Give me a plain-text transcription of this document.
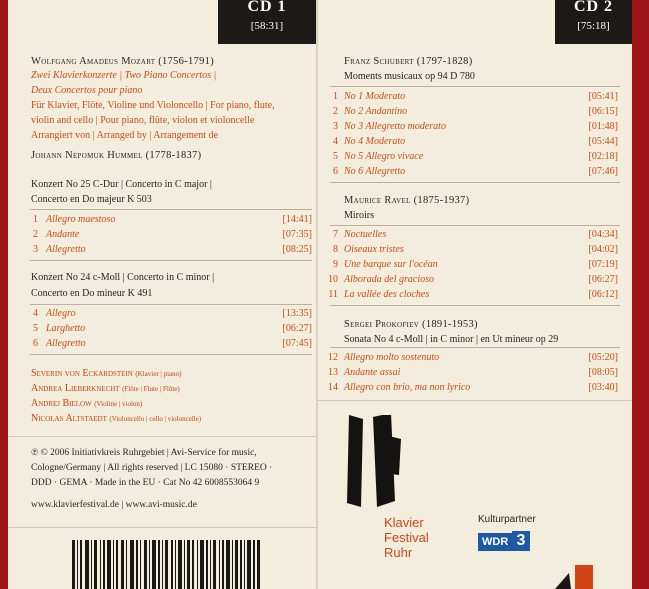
CD 1
[58:31]
CD 2
[75:18]
Wolfgang Amadeus Mozart (1756-1791)
Zwei Klavierkonzerte | Two Piano Concertos |
Deux Concertos pour piano
Für Klavier, Flöte, Violine und Violoncello | For piano, flute,
violin and cello | Pour piano, flûte, violon et violoncelle
Arrangiert von | Arranged by | Arrangement de
Johann Nepomuk Hummel (1778-1837)
Konzert No 25 C-Dur | Concerto in C major |
Concerto en Do majeur K 503
1 Allegro maestoso	[14:41]
2 Andante	[07:35]
3 Allegretto	[08:25]
Konzert No 24 c-Moll | Concerto in C minor |
Concerto en Do mineur K 491
4 Allegro	[13:35]
5 Larghetto	[06:27]
6 Allegretto	[07:45]
Severin von Eckardstein (Klavier | piano)
Andrea Lieberknecht (Flöte | Flute | Flûte)
Andrej Bielow (Violine | violon)
Nicolas Altstaedt (Violoncello | cello | violoncelle)
℗ © 2006 Initiativkreis Ruhrgebiet | Avi-Service for music,
Cologne/Germany | All rights reserved | LC 15080 · STEREO ·
DDD · GEMA · Made in the EU · Cat No 42 6008553064 9
www.klavierfestival.de | www.avi-music.de
Franz Schubert (1797-1828)
Moments musicaux op 94 D 780
1 No 1 Moderato	[05:41]
2 No 2 Andantino	[06:15]
3 No 3 Allegretto moderato	[01:48]
4 No 4 Moderato	[05:44]
5 No 5 Allegro vivace	[02:18]
6 No 6 Allegretto	[07:46]
Maurice Ravel (1875-1937)
Miroirs
7 Noctuelles	[04:34]
8 Oiseaux tristes	[04:02]
9 Une barque sur l'océan	[07:19]
10 Alborada del gracioso	[06:27]
11 La vallée des cloches	[06:12]
Sergei Prokofiev (1891-1953)
Sonata No 4 c-Moll | in C minor | en Ut mineur op 29
12 Allegro molto sostenuto	[05:20]
13 Andante assai	[08:05]
14 Allegro con brio, ma non lyrico	[03:40]
Klavier
Festival
Ruhr
Kulturpartner
WDR 3
